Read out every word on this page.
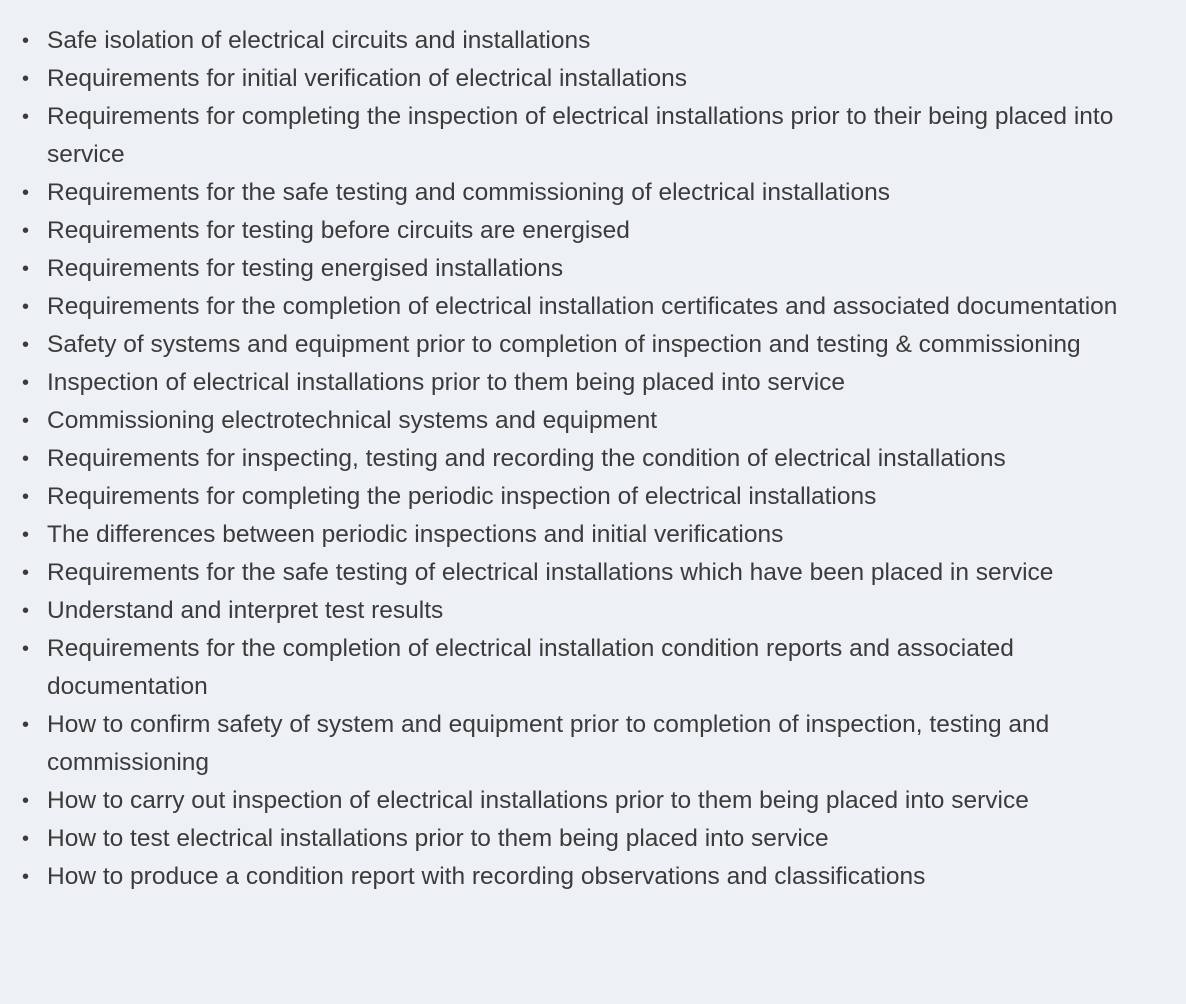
• Safe isolation of electrical circuits and installations
• Requirements for initial verification of electrical installations
• Requirements for completing the inspection of electrical installations prior to their being placed into service
• Requirements for the safe testing and commissioning of electrical installations
• Requirements for testing before circuits are energised
• Requirements for testing energised installations
• Requirements for the completion of electrical installation certificates and associated documentation
• Safety of systems and equipment prior to completion of inspection and testing & commissioning
• Inspection of electrical installations prior to them being placed into service
• Commissioning electrotechnical systems and equipment
• Requirements for inspecting, testing and recording the condition of electrical installations
• Requirements for completing the periodic inspection of electrical installations
• The differences between periodic inspections and initial verifications
• Requirements for the safe testing of electrical installations which have been placed in service
• Understand and interpret test results
• Requirements for the completion of electrical installation condition reports and associated documentation
• How to confirm safety of system and equipment prior to completion of inspection, testing and commissioning
• How to carry out inspection of electrical installations prior to them being placed into service
• How to test electrical installations prior to them being placed into service
• How to produce a condition report with recording observations and classifications
